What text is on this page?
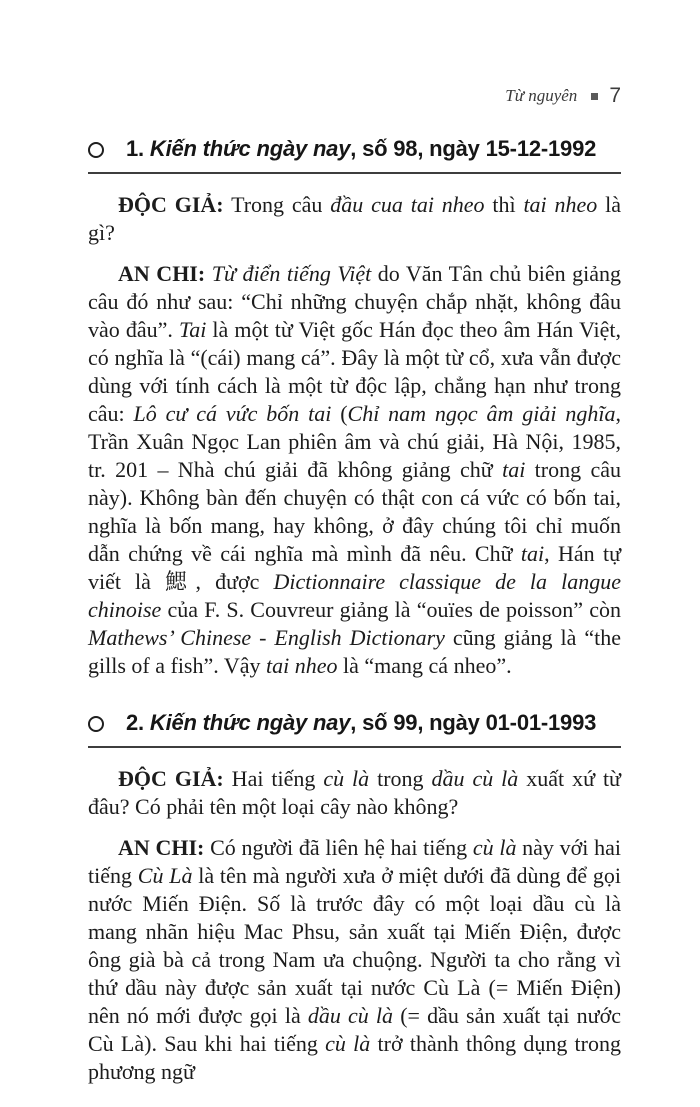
Từ nguyên 7
1. Kiến thức ngày nay, số 98, ngày 15-12-1992

ĐỘC GIẢ: Trong câu đầu cua tai nheo thì tai nheo là gì?

AN CHI: Từ điển tiếng Việt do Văn Tân chủ biên giảng câu đó như sau: “Chỉ những chuyện chắp nhặt, không đâu vào đâu”. Tai là một từ Việt gốc Hán đọc theo âm Hán Việt, có nghĩa là “(cái) mang cá”. Đây là một từ cổ, xưa vẫn được dùng với tính cách là một từ độc lập, chẳng hạn như trong câu: Lô cư cá vức bốn tai (Chỉ nam ngọc âm giải nghĩa, Trần Xuân Ngọc Lan phiên âm và chú giải, Hà Nội, 1985, tr. 201 – Nhà chú giải đã không giảng chữ tai trong câu này). Không bàn đến chuyện có thật con cá vức có bốn tai, nghĩa là bốn mang, hay không, ở đây chúng tôi chỉ muốn dẫn chứng về cái nghĩa mà mình đã nêu. Chữ tai, Hán tự viết là 鰓, được Dictionnaire classique de la langue chinoise của F. S. Couvreur giảng là “ouïes de poisson” còn Mathews’ Chinese - English Dictionary cũng giảng là “the gills of a fish”. Vậy tai nheo là “mang cá nheo”.

2. Kiến thức ngày nay, số 99, ngày 01-01-1993

ĐỘC GIẢ: Hai tiếng cù là trong dầu cù là xuất xứ từ đâu? Có phải tên một loại cây nào không?

AN CHI: Có người đã liên hệ hai tiếng cù là này với hai tiếng Cù Là là tên mà người xưa ở miệt dưới đã dùng để gọi nước Miến Điện. Số là trước đây có một loại dầu cù là mang nhãn hiệu Mac Phsu, sản xuất tại Miến Điện, được ông già bà cả trong Nam ưa chuộng. Người ta cho rằng vì thứ dầu này được sản xuất tại nước Cù Là (= Miến Điện) nên nó mới được gọi là dầu cù là (= dầu sản xuất tại nước Cù Là). Sau khi hai tiếng cù là trở thành thông dụng trong phương ngữ
